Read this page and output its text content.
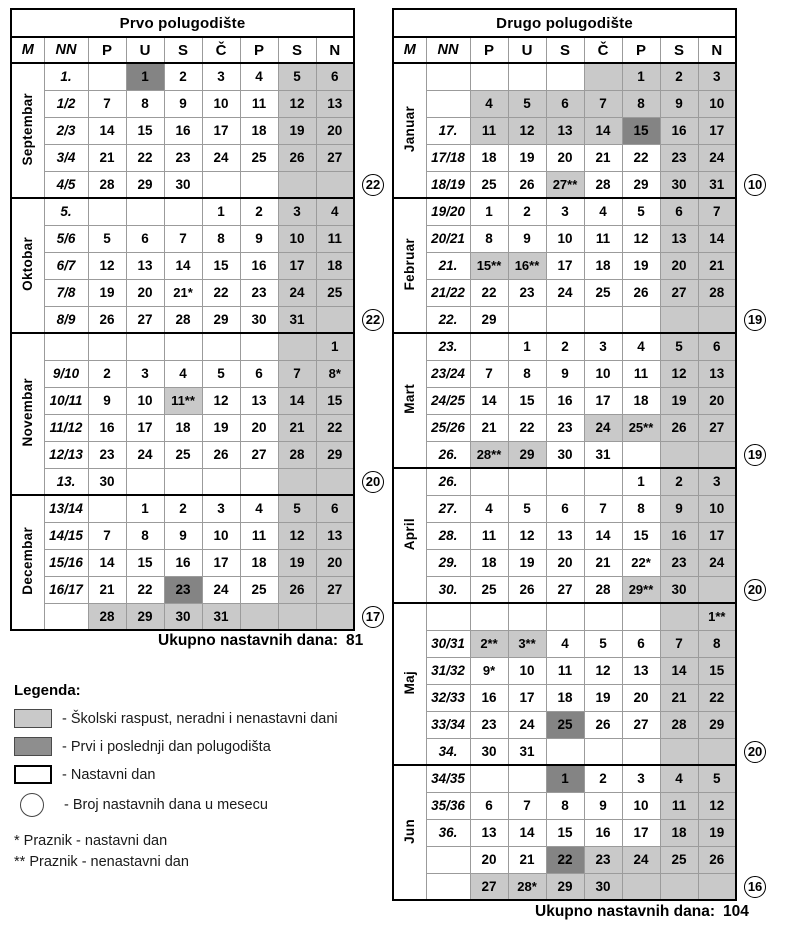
Prvo polugodište								
M	NN	P	U	S	Č	P	S	N
Septembar	1.		1	2	3	4	5	6
	1/2	7	8	9	10	11	12	13
	2/3	14	15	16	17	18	19	20
	3/4	21	22	23	24	25	26	27
	4/5	28	29	30				
Oktobar	5.				1	2	3	4
	5/6	5	6	7	8	9	10	11
	6/7	12	13	14	15	16	17	18
	7/8	19	20	21*	22	23	24	25
	8/9	26	27	28	29	30	31	
Novembar								1
	9/10	2	3	4	5	6	7	8*
	10/11	9	10	11**	12	13	14	15
	11/12	16	17	18	19	20	21	22
	12/13	23	24	25	26	27	28	29
	13.	30						
Decembar	13/14		1	2	3	4	5	6
	14/15	7	8	9	10	11	12	13
	15/16	14	15	16	17	18	19	20
	16/17	21	22	23	24	25	26	27
		28	29	30	31			
Drugo polugodište								
M	NN	P	U	S	Č	P	S	N
Januar						1	2	3
		4	5	6	7	8	9	10
	17.	11	12	13	14	15	16	17
	17/18	18	19	20	21	22	23	24
	18/19	25	26	27**	28	29	30	31
Februar	19/20	1	2	3	4	5	6	7
	20/21	8	9	10	11	12	13	14
	21.	15**	16**	17	18	19	20	21
	21/22	22	23	24	25	26	27	28
	22.	29						
Mart	23.		1	2	3	4	5	6
	23/24	7	8	9	10	11	12	13
	24/25	14	15	16	17	18	19	20
	25/26	21	22	23	24	25**	26	27
	26.	28**	29	30	31			
April	26.					1	2	3
	27.	4	5	6	7	8	9	10
	28.	11	12	13	14	15	16	17
	29.	18	19	20	21	22*	23	24
	30.	25	26	27	28	29**	30	
Maj								1**
	30/31	2**	3**	4	5	6	7	8
	31/32	9*	10	11	12	13	14	15
	32/33	16	17	18	19	20	21	22
	33/34	23	24	25	26	27	28	29
	34.	30	31					
Jun	34/35			1	2	3	4	5
	35/36	6	7	8	9	10	11	12
	36.	13	14	15	16	17	18	19
		20	21	22	23	24	25	26
		27	28*	29	30			
Ukupno nastavnih dana: 81
Ukupno nastavnih dana: 104
Legenda:
- Školski raspust, neradni i nenastavni dani
- Prvi i poslednji dan polugodišta
- Nastavni dan
- Broj nastavnih dana u mesecu
* Praznik - nastavni dan
** Praznik - nenastavni dan
22
22
20
17
10
19
19
20
20
16
